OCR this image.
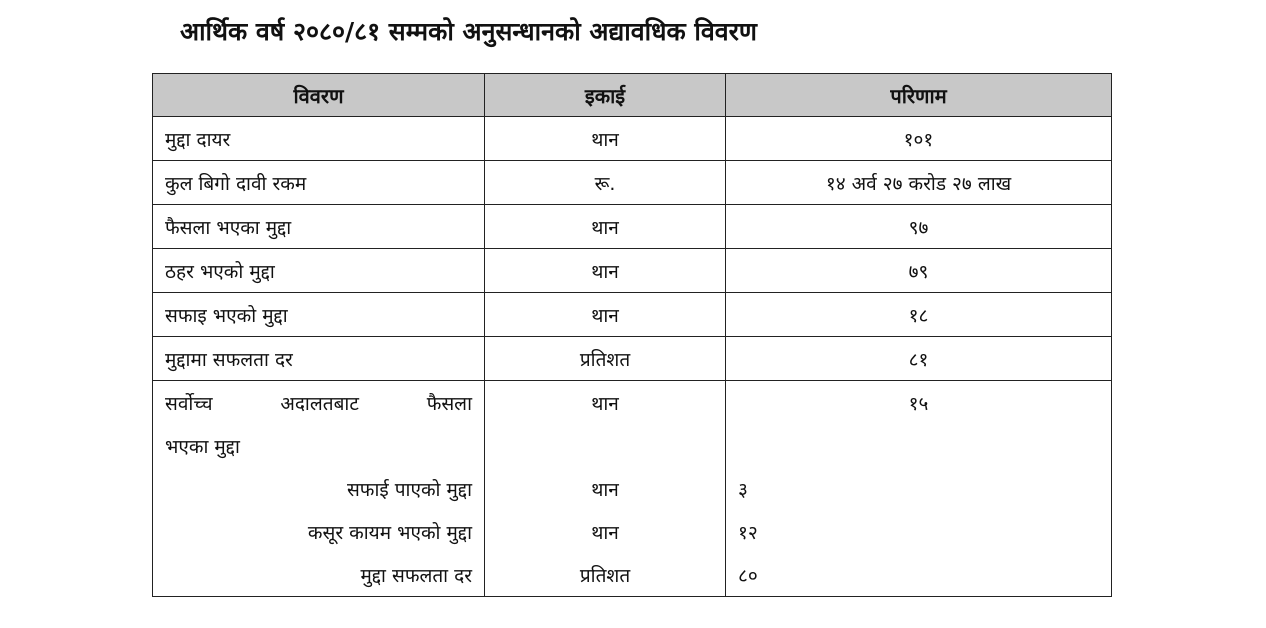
आर्थिक वर्ष २०८०/८१ सम्मको अनुसन्धानको अद्यावधिक विवरण
विवरण	इकाई	परिणाम
मुद्दा दायर	थान	१०१
कुल बिगो दावी रकम	रू.	१४ अर्व २७ करोड २७ लाख
फैसला भएका मुद्दा	थान	९७
ठहर भएको मुद्दा	थान	७९
सफाइ भएको मुद्दा	थान	१८
मुद्दामा सफलता दर	प्रतिशत	८१

सर्वोच्च अदालतबाट फैसला	थान	१५
भएका मुद्दा		
सफाई पाएको मुद्दा	थान	३
कसूर कायम भएको मुद्दा	थान	१२
मुद्दा सफलता दर	प्रतिशत	८०
